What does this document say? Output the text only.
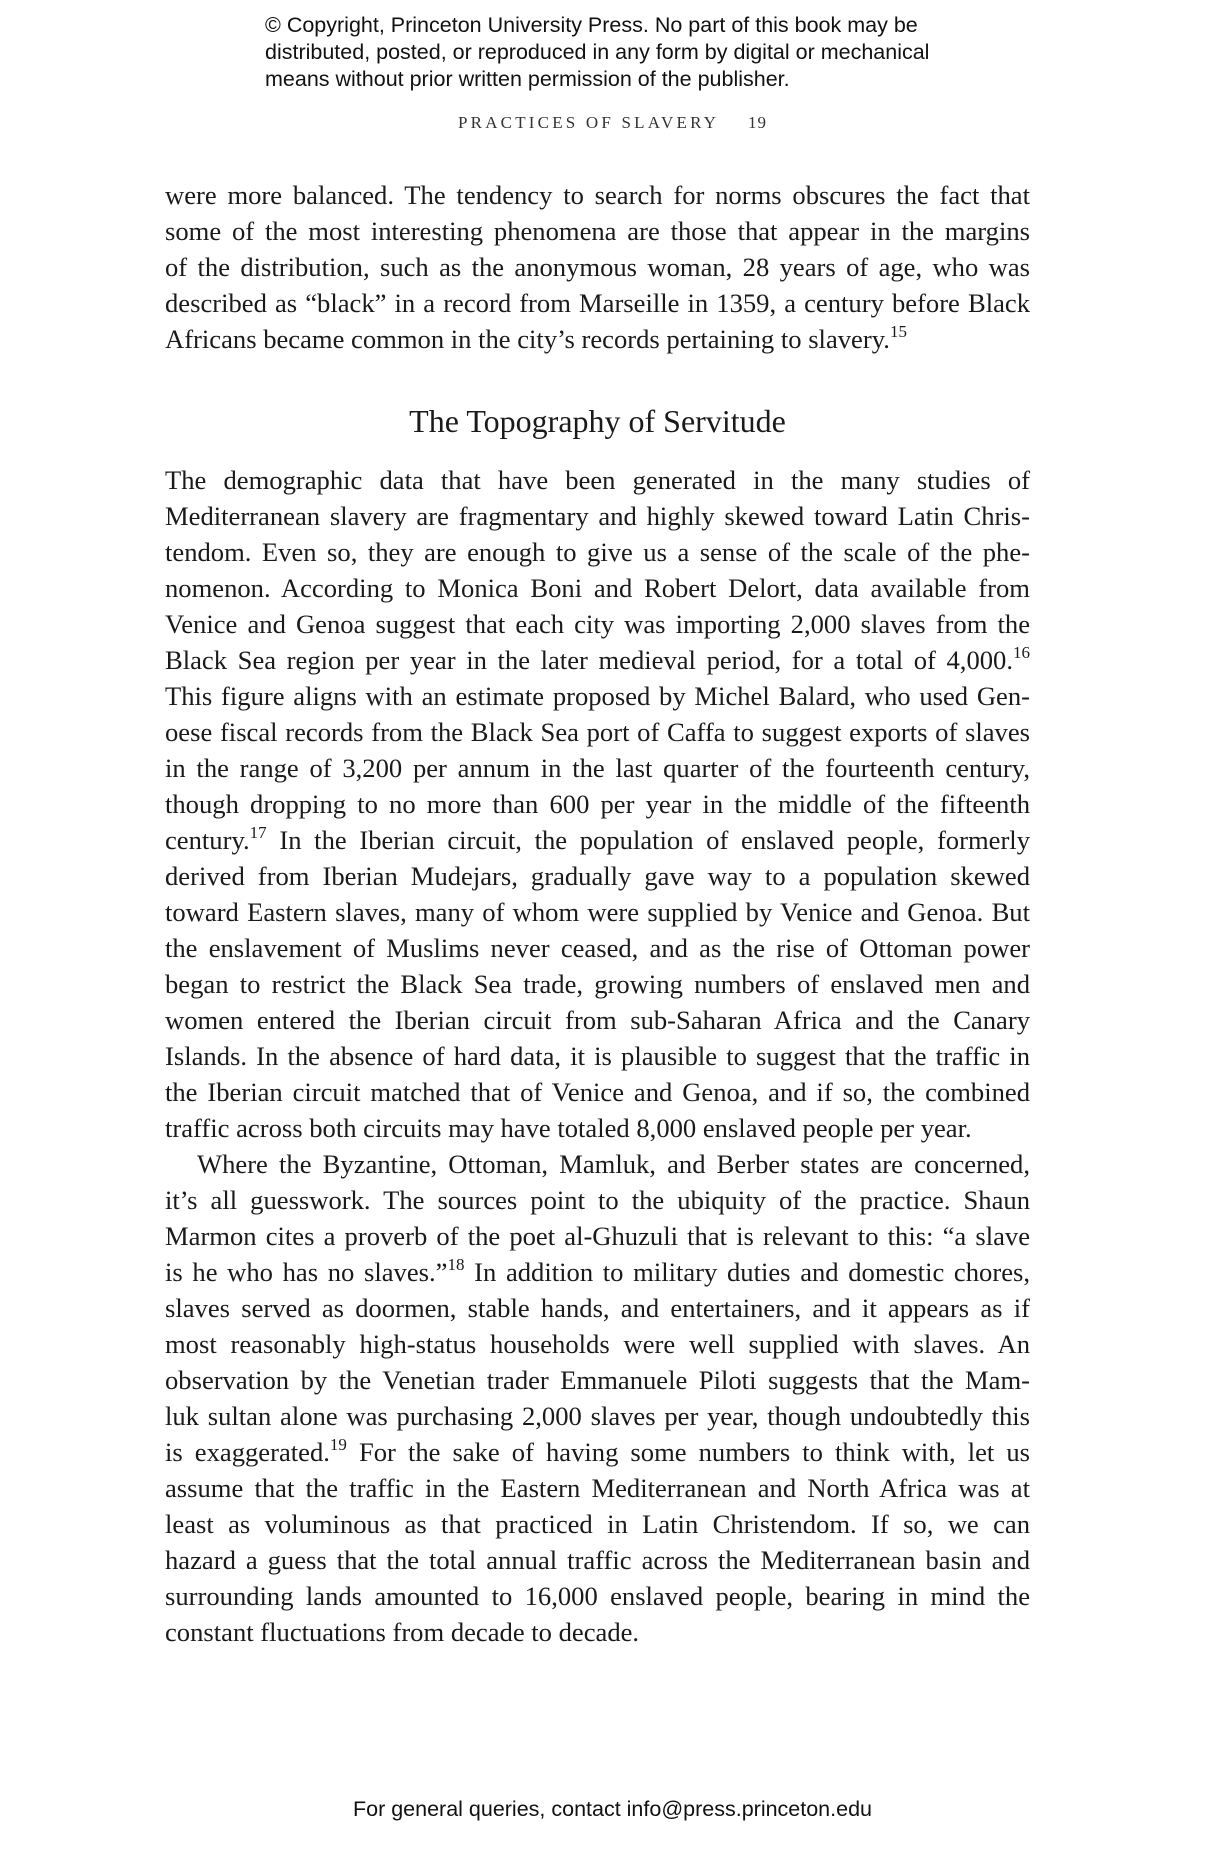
© Copyright, Princeton University Press. No part of this book may be
distributed, posted, or reproduced in any form by digital or mechanical
means without prior written permission of the publisher.
PRACTICES OF SLAVERY 19
were more balanced. The tendency to search for norms obscures the fact that
some of the most interesting phenomena are those that appear in the margins
of the distribution, such as the anonymous woman, 28 years of age, who was
described as “black” in a record from Marseille in 1359, a century before Black
Africans became common in the city’s records pertaining to slavery.$^{15}$
The Topography of Servitude
The demographic data that have been generated in the many studies of
Mediterranean slavery are fragmentary and highly skewed toward Latin Chris-
tendom. Even so, they are enough to give us a sense of the scale of the phe-
nomenon. According to Monica Boni and Robert Delort, data available from
Venice and Genoa suggest that each city was importing 2,000 slaves from the
Black Sea region per year in the later medieval period, for a total of 4,000.16
This figure aligns with an estimate proposed by Michel Balard, who used Gen-
oese fiscal records from the Black Sea port of Caffa to suggest exports of slaves
in the range of 3,200 per annum in the last quarter of the fourteenth century,
though dropping to no more than 600 per year in the middle of the fifteenth
century.$^{17}$ In the Iberian circuit, the population of enslaved people, formerly
derived from Iberian Mudejars, gradually gave way to a population skewed
toward Eastern slaves, many of whom were supplied by Venice and Genoa. But
the enslavement of Muslims never ceased, and as the rise of Ottoman power
began to restrict the Black Sea trade, growing numbers of enslaved men and
women entered the Iberian circuit from sub-Saharan Africa and the Canary
Islands. In the absence of hard data, it is plausible to suggest that the traffic in
the Iberian circuit matched that of Venice and Genoa, and if so, the combined
traffic across both circuits may have totaled 8,000 enslaved people per year.
Where the Byzantine, Ottoman, Mamluk, and Berber states are concerned,
it’s all guesswork. The sources point to the ubiquity of the practice. Shaun
Marmon cites a proverb of the poet al-Ghuzuli that is relevant to this: “a slave
is he who has no slaves.”$^{18}$ In addition to military duties and domestic chores,
slaves served as doormen, stable hands, and entertainers, and it appears as if
most reasonably high-status households were well supplied with slaves. An
observation by the Venetian trader Emmanuele Piloti suggests that the Mam-
luk sultan alone was purchasing 2,000 slaves per year, though undoubtedly this
is exaggerated.$^{19}$ For the sake of having some numbers to think with, let us
assume that the traffic in the Eastern Mediterranean and North Africa was at
least as voluminous as that practiced in Latin Christendom. If so, we can
hazard a guess that the total annual traffic across the Mediterranean basin and
surrounding lands amounted to 16,000 enslaved people, bearing in mind the
constant fluctuations from decade to decade.
For general queries, contact info@press.princeton.edu
